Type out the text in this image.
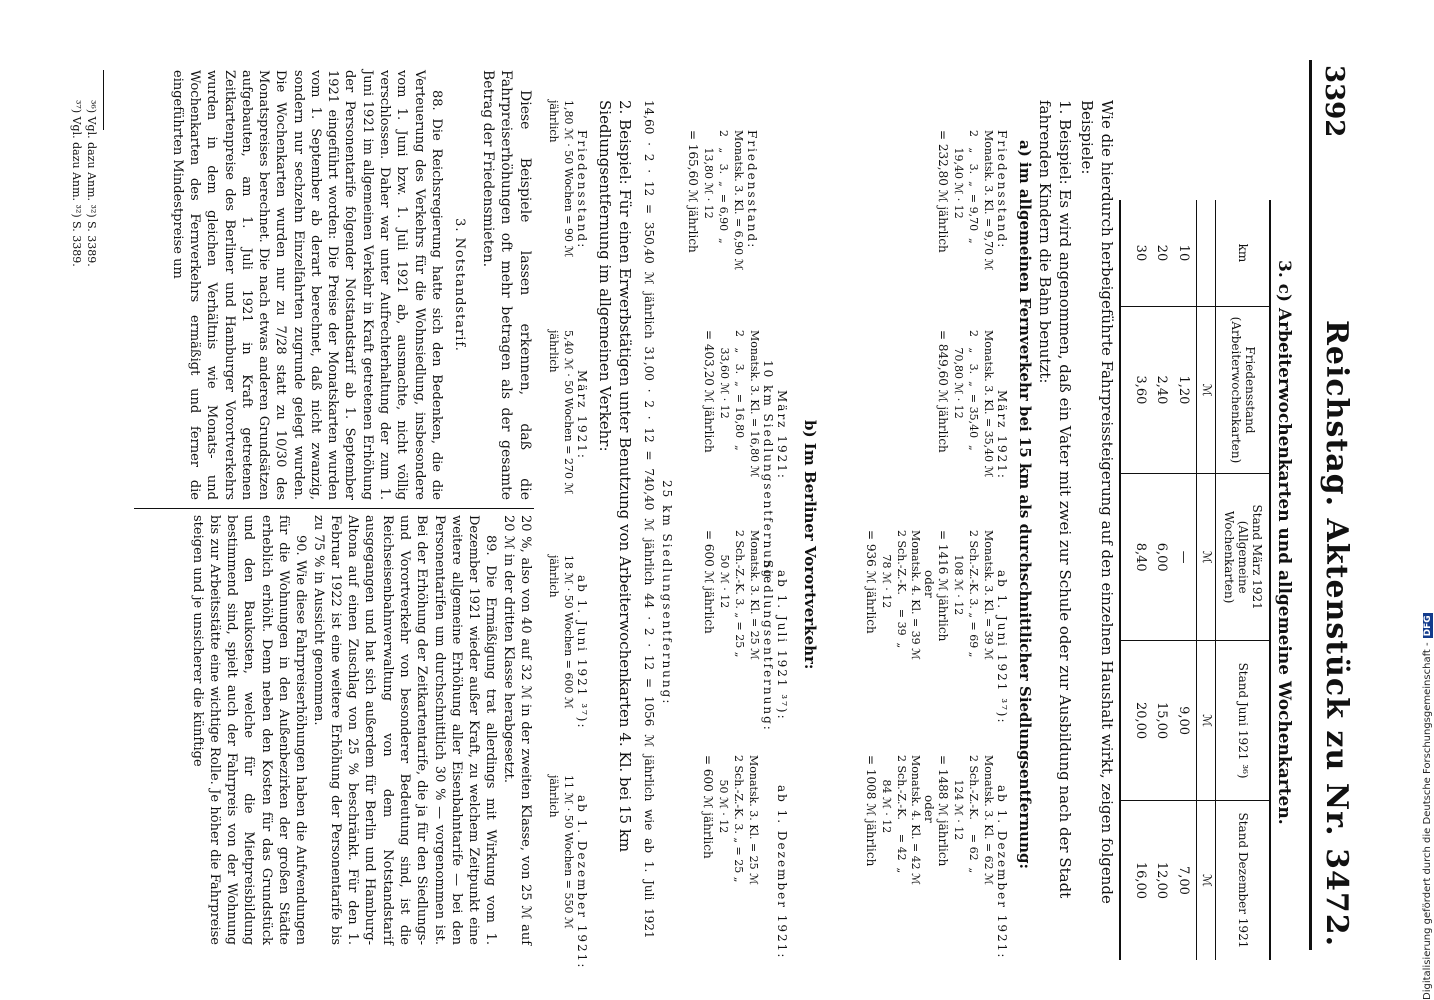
3392
Reichstag. Aktenstück zu Nr. 3472.
3. c) Arbeiterwochenkarten und allgemeine Wochenkarten.
km	Friedensstand (Arbeiterwochenkarten)	Stand März 1921 (Allgemeine Wochenkarten)	Stand Juni 1921 ³⁶)	Stand Dezember 1921
	ℳ	ℳ	ℳ	ℳ
10	1,20	—	9,00	7,00
20	2,40	6,00	15,00	12,00
30	3,60	8,40	20,00	16,00
Wie die hierdurch herbeigeführte Fahrpreissteigerung auf den einzelnen Haushalt wirkt, zeigen folgende Beispiele:
1. Beispiel: Es wird angenommen, daß ein Vater mit zwei zur Schule oder zur Ausbildung nach der Stadt fahrenden Kindern die Bahn benutzt:
a) im allgemeinen Fernverkehr bei 15 km als durchschnittlicher Siedlungsentfernung:
Friedensstand:
Monatsk. 3. Kl. = 9,70 ℳ
2   „   3.  „  = 9,70  „
19,40 ℳ · 12
= 232,80 ℳ jährlich
März 1921:
Monatsk. 3. Kl. = 35,40 ℳ
2   „   3.  „  = 35,40  „
70,80 ℳ · 12
= 849,60 ℳ jährlich
ab 1. Juni 1921 ³⁷):
Monatsk. 3. Kl. = 39 ℳ
2 Sch.-Z.-K. 3. „ = 69 „
108 ℳ · 12
= 1416 ℳ jährlich
oder
Monatsk. 4. Kl. = 39 ℳ
2 Sch.-Z.-K.    = 39  „
78 ℳ · 12
= 936 ℳ jährlich
ab 1. Dezember 1921:
Monatsk. 3. Kl. = 62 ℳ
2 Sch.-Z.-K.    = 62  „
124 ℳ · 12
= 1488 ℳ jährlich
oder
Monatsk. 4. Kl. = 42 ℳ
2 Sch.-Z.-K.    = 42  „
84 ℳ · 12
= 1008 ℳ jährlich
b) Im Berliner Vorortverkehr:
Friedensstand:
Monatsk. 3. Kl. = 6,90 ℳ
2   „   3.  „  = 6,90  „
13,80 ℳ · 12
= 165,60 ℳ jährlich
März 1921:
10 km Siedlungsentfernung:
Monatsk. 3. Kl. = 16,80 ℳ
2   „   3.  „  = 16,80  „
33,60 ℳ · 12
= 403,20 ℳ jährlich
ab 1. Juli 1921 ³⁷):
Siedlungsentfernung:
Monatsk. 3. Kl. = 25 ℳ
2 Sch.-Z.-K. 3. „ = 25 „
50 ℳ · 12
= 600 ℳ jährlich
ab 1. Dezember 1921:
Monatsk. 3. Kl. = 25 ℳ
2 Sch.-Z.-K. 3. „ = 25 „
50 ℳ · 12
= 600 ℳ jährlich
25 km Siedlungsentfernung:
14,60 · 2 · 12 = 350,40 ℳ jährlich 31,00 · 2 · 12 = 740,40 ℳ jährlich 44 · 2 · 12 = 1056 ℳ jährlich wie ab 1. Juli 1921
2. Beispiel: Für einen Erwerbstätigen unter Benutzung von Arbeiterwochenkarten 4. Kl. bei 15 km Siedlungsentfernung im allgemeinen Verkehr:
Friedensstand:
1,80 ℳ · 50 Wochen = 90 ℳ jährlich
März 1921:
5,40 ℳ · 50 Wochen = 270 ℳ jährlich
ab 1. Juni 1921 ³⁷):
18 ℳ · 50 Wochen = 600 ℳ jährlich
ab 1. Dezember 1921:
11 ℳ · 50 Wochen = 550 ℳ jährlich
Diese Beispiele lassen erkennen, daß die Fahrpreiserhöhungen oft mehr betragen als der gesamte Betrag der Friedensmieten.
3. Notstandstarif.
88. Die Reichsregierung hatte sich den Bedenken, die die Verteuerung des Verkehrs für die Wohnsiedlung, insbesondere vom 1. Juni bzw. 1. Juli 1921 ab, ausmachte, nicht völlig verschlossen. Daher war unter Aufrechterhaltung der zum 1. Juni 1921 im allgemeinen Verkehr in Kraft getretenen Erhöhung der Personentarife folgender Notstandstarif ab 1. September 1921 eingeführt worden: Die Preise der Monatskarten wurden vom 1. September ab derart berechnet, daß nicht zwanzig, sondern nur sechzehn Einzelfahrten zugrunde gelegt wurden. Die Wochenkarten wurden nur zu 7/28 statt zu 10/30 des Monatspreises berechnet. Die nach etwas anderen Grundsätzen aufgebauten, am 1. Juli 1921 in Kraft getretenen Zeitkartenpreise des Berliner und Hamburger Vorortverkehrs wurden in dem gleichen Verhältnis wie Monats- und Wochenkarten des Fernverkehrs ermäßigt und ferner die eingeführten Mindestpreise um
20 %, also von 40 auf 32 ℳ in der zweiten Klasse, von 25 ℳ auf 20 ℳ in der dritten Klasse herabgesetzt.
89. Die Ermäßigung trat allerdings mit Wirkung vom 1. Dezember 1921 wieder außer Kraft, zu welchem Zeitpunkt eine weitere allgemeine Erhöhung aller Eisenbahntarife — bei den Personentarifen um durchschnittlich 30 % — vorgenommen ist. Bei der Erhöhung der Zeitkartentarife, die ja für den Siedlungs- und Vorortverkehr von besonderer Bedeutung sind, ist die Reichseisenbahnverwaltung von dem Notstandstarif ausgegangen und hat sich außerdem für Berlin und Hamburg-Altona auf einen Zuschlag von 25 % beschränkt. Für den 1. Februar 1922 ist eine weitere Erhöhung der Personentarife bis zu 75 % in Aussicht genommen.
90. Wie diese Fahrpreiserhöhungen haben die Aufwendungen für die Wohnungen in den Außenbezirken der großen Städte erheblich erhöht. Denn neben den Kosten für das Grundstück und den Baukosten, welche für die Mietpreisbildung bestimmend sind, spielt auch der Fahrpreis von der Wohnung bis zur Arbeitsstätte eine wichtige Rolle. Je höher die Fahrpreise steigen und je unsicherer die künftige
³⁶) Vgl. dazu Anm. ³²) S. 3389.
³⁷) Vgl. dazu Anm. ³²) S. 3389.
Digitalisierung gefördert durch die Deutsche Forschungsgemeinschaft -DFG
